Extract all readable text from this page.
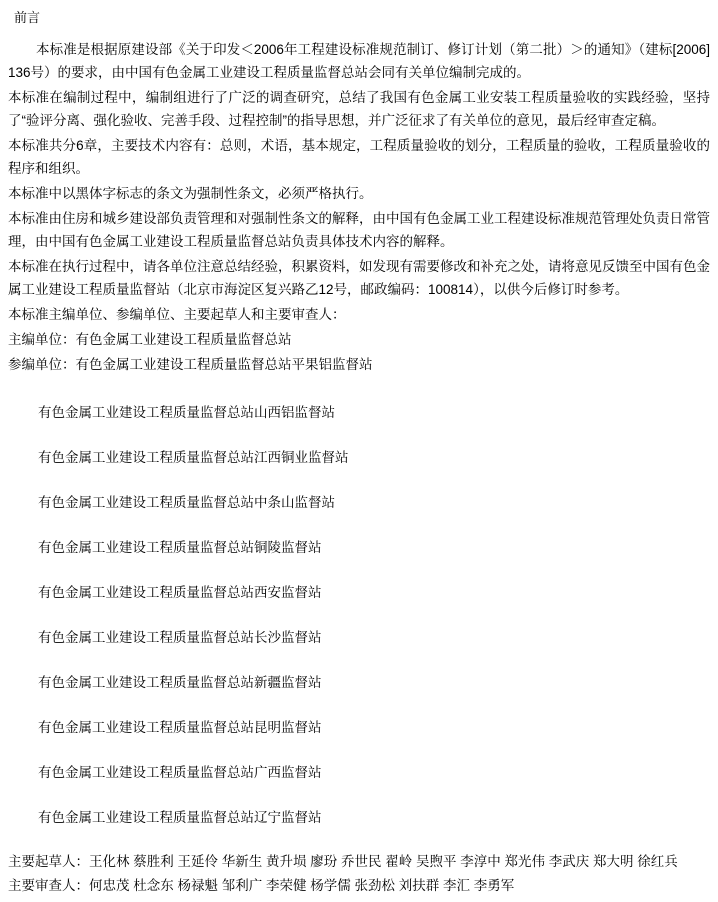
前言

本标准是根据原建设部《关于印发＜2006年工程建设标准规范制订、修订计划（第二批）＞的通知》（建标[2006]136号）的要求，由中国有色金属工业建设工程质量监督总站会同有关单位编制完成的。

本标准在编制过程中，编制组进行了广泛的调查研究，总结了我国有色金属工业安装工程质量验收的实践经验，坚持了“验评分离、强化验收、完善手段、过程控制”的指导思想，并广泛征求了有关单位的意见，最后经审查定稿。

本标准共分6章，主要技术内容有：总则，术语，基本规定，工程质量验收的划分，工程质量的验收，工程质量验收的程序和组织。

本标准中以黑体字标志的条文为强制性条文，必须严格执行。

本标准由住房和城乡建设部负责管理和对强制性条文的解释，由中国有色金属工业工程建设标准规范管理处负责日常管理，由中国有色金属工业建设工程质量监督总站负责具体技术内容的解释。

本标准在执行过程中，请各单位注意总结经验，积累资料，如发现有需要修改和补充之处，请将意见反馈至中国有色金属工业建设工程质量监督站（北京市海淀区复兴路乙12号，邮政编码：100814），以供今后修订时参考。

本标准主编单位、参编单位、主要起草人和主要审查人：

主编单位：有色金属工业建设工程质量监督总站

参编单位：有色金属工业建设工程质量监督总站平果铝监督站

有色金属工业建设工程质量监督总站山西铝监督站

有色金属工业建设工程质量监督总站江西铜业监督站

有色金属工业建设工程质量监督总站中条山监督站

有色金属工业建设工程质量监督总站铜陵监督站

有色金属工业建设工程质量监督总站西安监督站

有色金属工业建设工程质量监督总站长沙监督站

有色金属工业建设工程质量监督总站新疆监督站

有色金属工业建设工程质量监督总站昆明监督站

有色金属工业建设工程质量监督总站广西监督站

有色金属工业建设工程质量监督总站辽宁监督站

主要起草人：王化林 蔡胜利 王延伶 华新生 黄升埙 廖玢 乔世民 翟岭 吴煦平 李淳中 郑光伟 李武庆 郑大明 徐红兵

主要审查人：何忠茂 杜念东 杨禄魁 邹利广 李荣健 杨学儒 张劲松 刘扶群 李汇 李勇军
